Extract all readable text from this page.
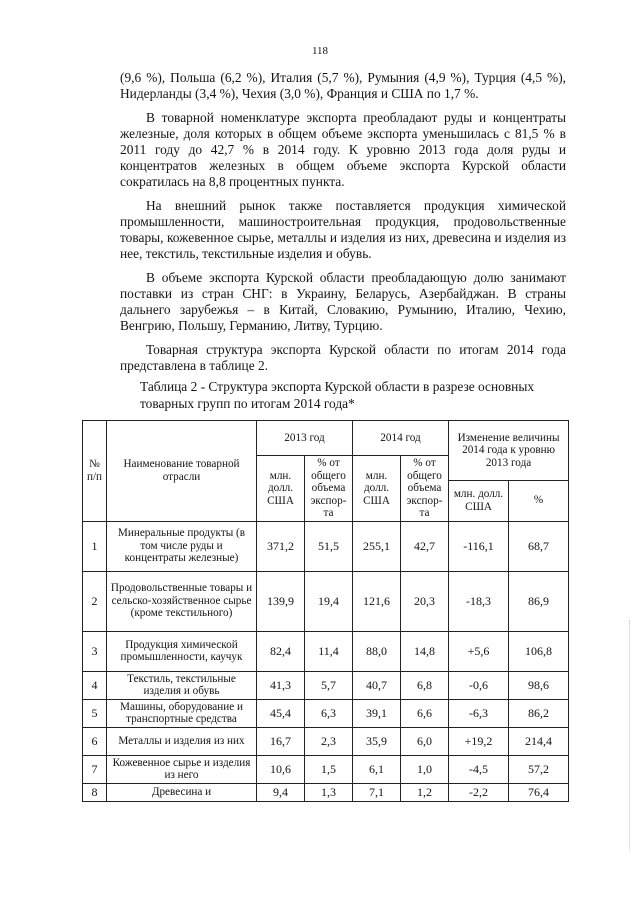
118

(9,6 %), Польша (6,2 %), Италия (5,7 %), Румыния (4,9 %), Турция (4,5 %), Нидерланды (3,4 %), Чехия (3,0 %), Франция и США по 1,7 %.

В товарной номенклатуре экспорта преобладают руды и концентраты железные, доля которых в общем объеме экспорта уменьшилась с 81,5 % в 2011 году до 42,7 % в 2014 году. К уровню 2013 года доля руды и концентратов железных в общем объеме экспорта Курской области сократилась на 8,8 процентных пункта.

На внешний рынок также поставляется продукция химической промышленности, машиностроительная продукция, продовольственные товары, кожевенное сырье, металлы и изделия из них, древесина и изделия из нее, текстиль, текстильные изделия и обувь.

В объеме экспорта Курской области преобладающую долю занимают поставки из стран СНГ: в Украину, Беларусь, Азербайджан. В страны дальнего зарубежья – в Китай, Словакию, Румынию, Италию, Чехию, Венгрию, Польшу, Германию, Литву, Турцию.

Товарная структура экспорта Курской области по итогам 2014 года представлена в таблице 2.

Таблица 2 - Структура экспорта Курской области в разрезе основных товарных групп по итогам 2014 года*
№ п/п	Наименование товарной отрасли	2013 год		2014 год		Изменение величины 2014 года к уровню 2013 года	
		млн. долл. США	% от общего объема экспор-та	млн. долл. США	% от общего объема экспор-та		
						млн. долл. США	%
1	Минеральные продукты (в том числе руды и концентраты железные)	371,2	51,5	255,1	42,7	-116,1	68,7
2	Продовольственные товары и сельско-хозяйственное сырье (кроме текстильного)	139,9	19,4	121,6	20,3	-18,3	86,9
3	Продукция химической промышленности, каучук	82,4	11,4	88,0	14,8	+5,6	106,8
4	Текстиль, текстильные изделия и обувь	41,3	5,7	40,7	6,8	-0,6	98,6
5	Машины, оборудование и транспортные средства	45,4	6,3	39,1	6,6	-6,3	86,2
6	Металлы и изделия из них	16,7	2,3	35,9	6,0	+19,2	214,4
7	Кожевенное сырье и изделия из него	10,6	1,5	6,1	1,0	-4,5	57,2
8	Древесина и	9,4	1,3	7,1	1,2	-2,2	76,4
